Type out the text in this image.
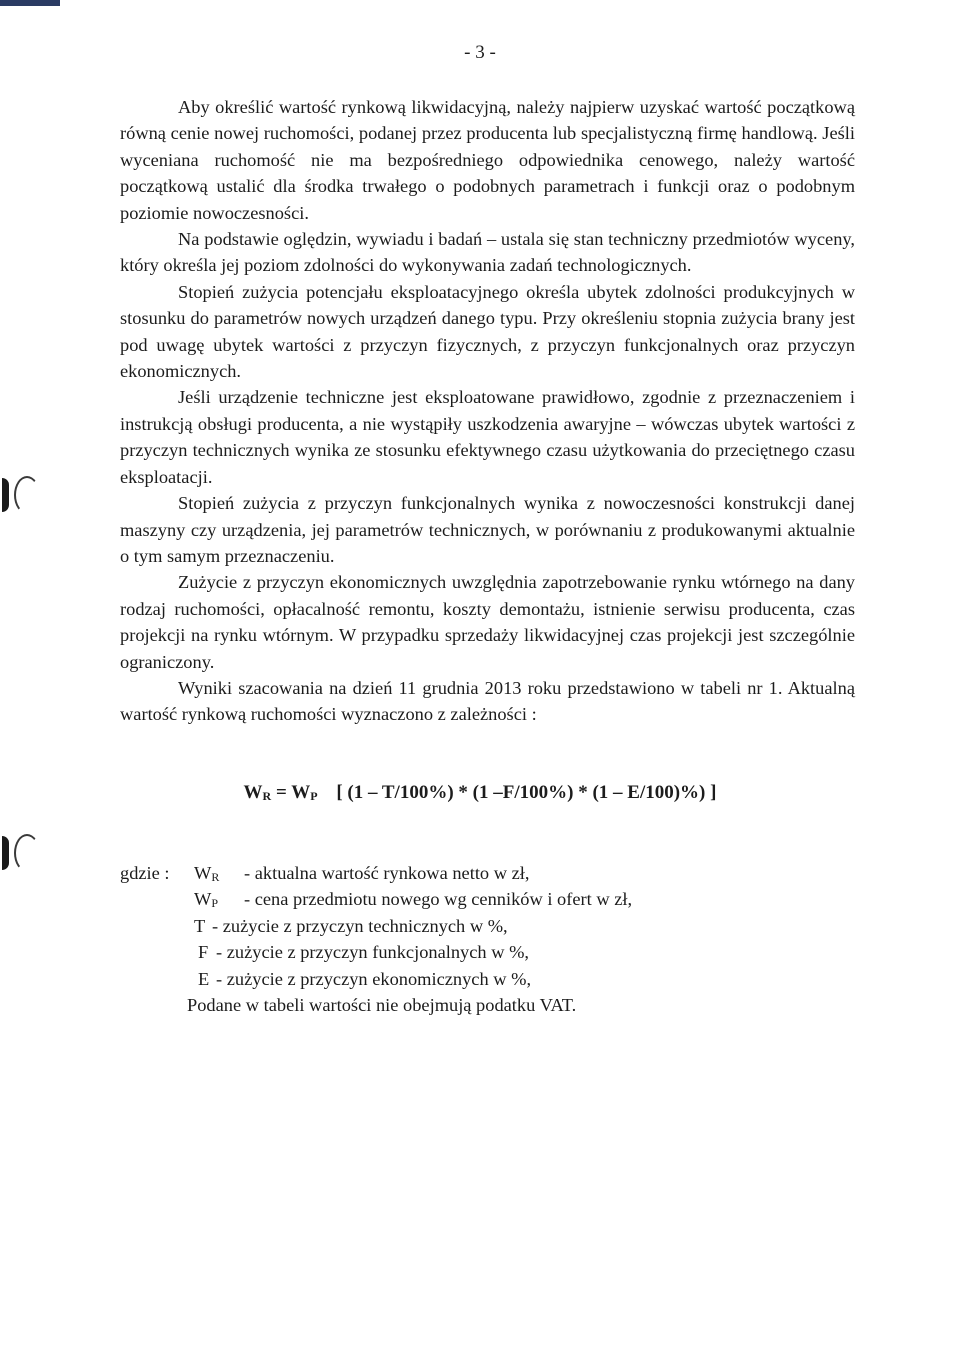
- 3 -

Aby określić wartość rynkową likwidacyjną, należy najpierw uzyskać wartość początkową równą cenie nowej ruchomości, podanej przez producenta lub specjalistyczną firmę handlową. Jeśli wyceniana ruchomość nie ma bezpośredniego odpowiednika cenowego, należy wartość początkową ustalić dla środka trwałego o podobnych parametrach i funkcji oraz o podobnym poziomie nowoczesności.

Na podstawie oględzin, wywiadu i badań – ustala się stan techniczny przedmiotów wyceny, który określa jej poziom zdolności do wykonywania zadań technologicznych.

Stopień zużycia potencjału eksploatacyjnego określa ubytek zdolności produkcyjnych w stosunku do parametrów nowych urządzeń danego typu. Przy określeniu stopnia zużycia brany jest pod uwagę ubytek wartości z przyczyn fizycznych, z przyczyn funkcjonalnych oraz przyczyn ekonomicznych.

Jeśli urządzenie techniczne jest eksploatowane prawidłowo, zgodnie z przeznaczeniem i instrukcją obsługi producenta, a nie wystąpiły uszkodzenia awaryjne – wówczas ubytek wartości z przyczyn technicznych wynika ze stosunku efektywnego czasu użytkowania do przeciętnego czasu eksploatacji.

Stopień zużycia z przyczyn funkcjonalnych wynika z nowoczesności konstrukcji danej maszyny czy urządzenia, jej parametrów technicznych, w porównaniu z produkowanymi aktualnie o tym samym przeznaczeniu.

Zużycie z przyczyn ekonomicznych uwzględnia zapotrzebowanie rynku wtórnego na dany rodzaj ruchomości, opłacalność remontu, koszty demontażu, istnienie serwisu producenta, czas projekcji na rynku wtórnym. W przypadku sprzedaży likwidacyjnej czas projekcji jest szczególnie ograniczony.

Wyniki szacowania na dzień 11 grudnia 2013 roku przedstawiono w tabeli nr 1. Aktualną wartość rynkową ruchomości wyznaczono z zależności :

$W_R = W_P$ [ (1 – T/100%) * (1 –F/100%) * (1 – E/100)%) ]
gdzie : $W_R$ - aktualna wartość rynkowa netto w zł,
$W_P$ - cena przedmiotu nowego wg cenników i ofert w zł,
T - zużycie z przyczyn technicznych w %,
F - zużycie z przyczyn funkcjonalnych w %,
E - zużycie z przyczyn ekonomicznych w %,
Podane w tabeli wartości nie obejmują podatku VAT.
